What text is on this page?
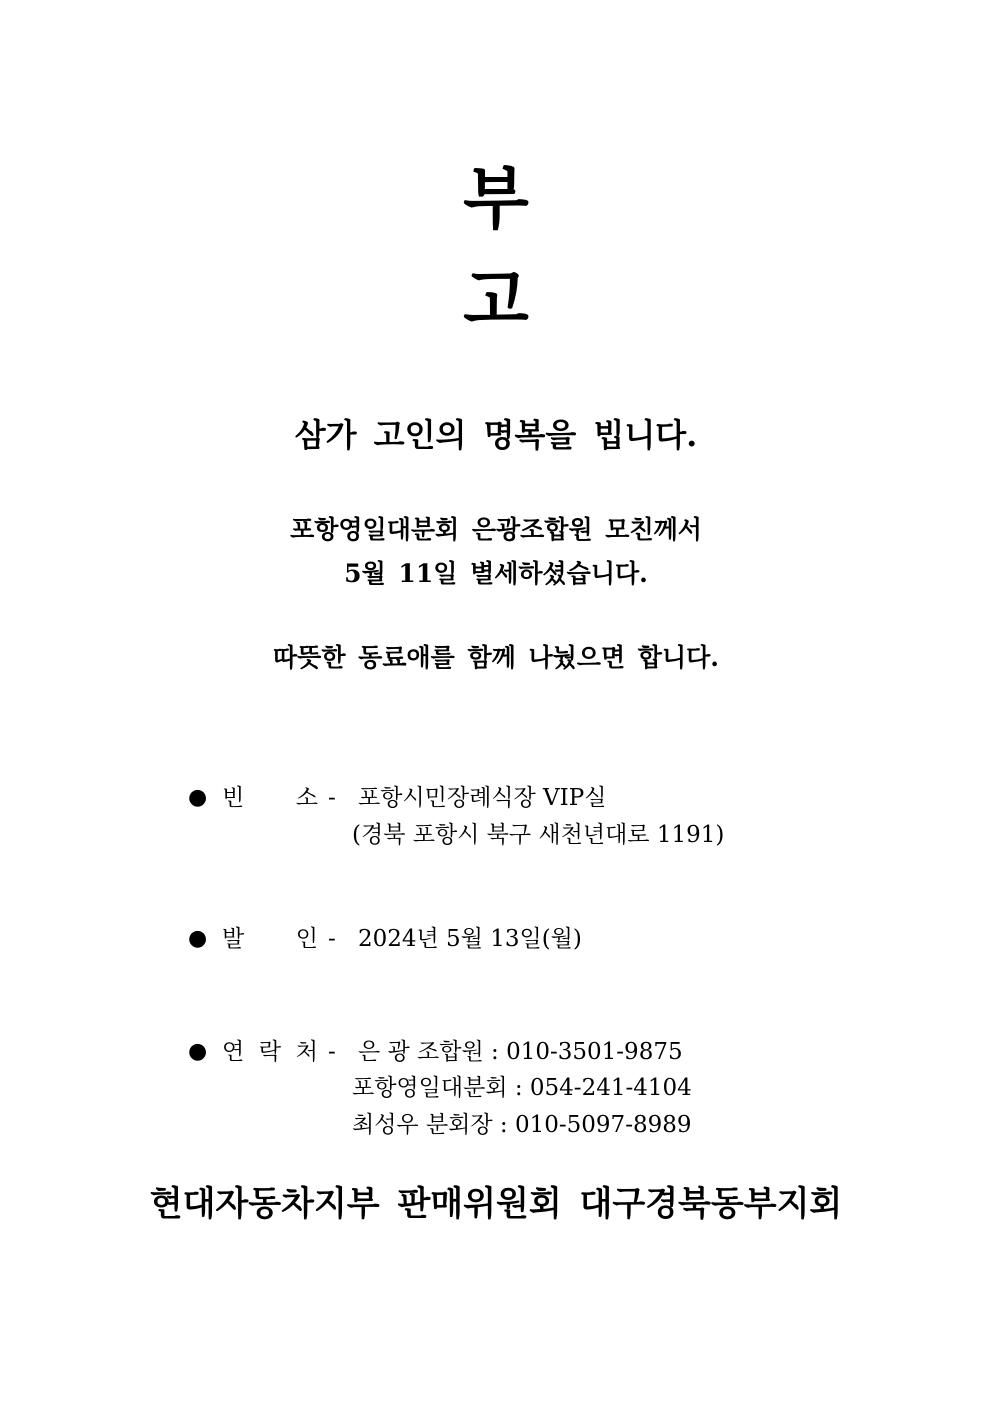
부
고
삼가 고인의 명복을 빕니다.
포항영일대분회 은광조합원 모친께서
5월 11일 별세하셨습니다.
따뜻한 동료애를 함께 나눴으면 합니다.
● 빈 소 - 포항시민장례식장 VIP실
(경북 포항시 북구 새천년대로 1191)
● 발 인 - 2024년 5월 13일(월)
● 연 락 처 - 은 광 조합원 : 010-3501-9875
포항영일대분회 : 054-241-4104
최성우 분회장 : 010-5097-8989
현대자동차지부 판매위원회 대구경북동부지회
